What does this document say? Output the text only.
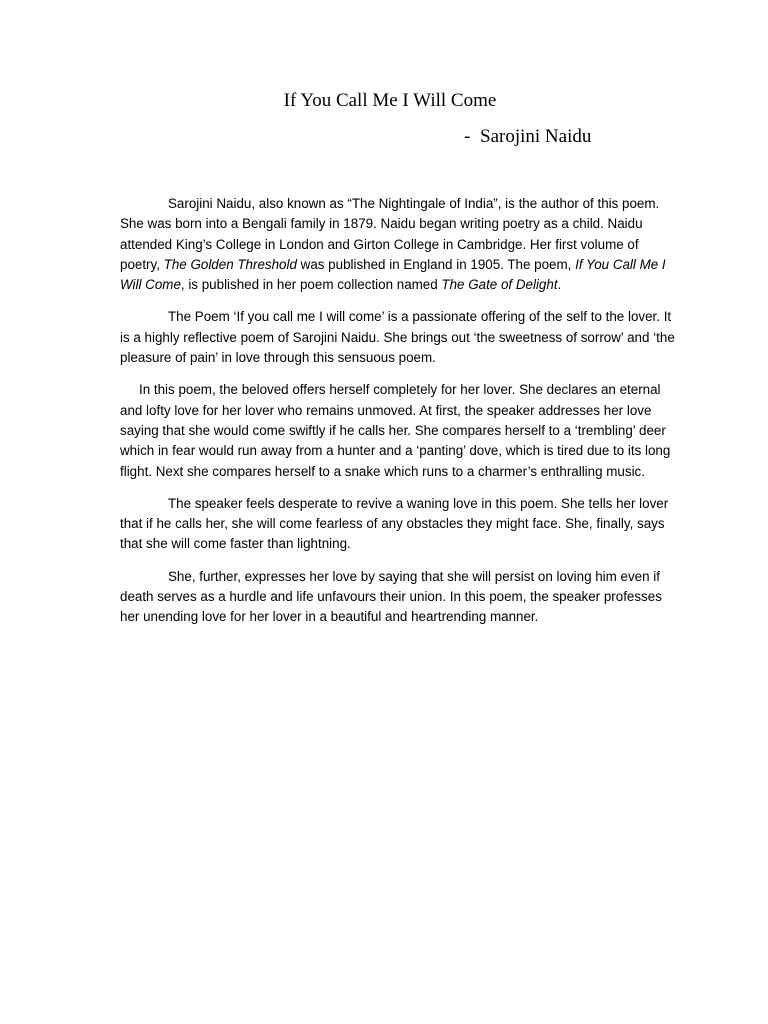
If You Call Me I Will Come
- Sarojini Naidu

Sarojini Naidu, also known as “The Nightingale of India”, is the author of this poem. She was born into a Bengali family in 1879. Naidu began writing poetry as a child. Naidu attended King’s College in London and Girton College in Cambridge. Her first volume of poetry, The Golden Threshold was published in England in 1905. The poem, If You Call Me I Will Come, is published in her poem collection named The Gate of Delight.

The Poem ‘If you call me I will come’ is a passionate offering of the self to the lover. It is a highly reflective poem of Sarojini Naidu. She brings out ‘the sweetness of sorrow’ and ‘the pleasure of pain’ in love through this sensuous poem.

In this poem, the beloved offers herself completely for her lover. She declares an eternal and lofty love for her lover who remains unmoved. At first, the speaker addresses her love saying that she would come swiftly if he calls her. She compares herself to a ‘trembling’ deer which in fear would run away from a hunter and a ‘panting’ dove, which is tired due to its long flight. Next she compares herself to a snake which runs to a charmer’s enthralling music.

The speaker feels desperate to revive a waning love in this poem. She tells her lover that if he calls her, she will come fearless of any obstacles they might face. She, finally, says that she will come faster than lightning.

She, further, expresses her love by saying that she will persist on loving him even if death serves as a hurdle and life unfavours their union. In this poem, the speaker professes her unending love for her lover in a beautiful and heartrending manner.
